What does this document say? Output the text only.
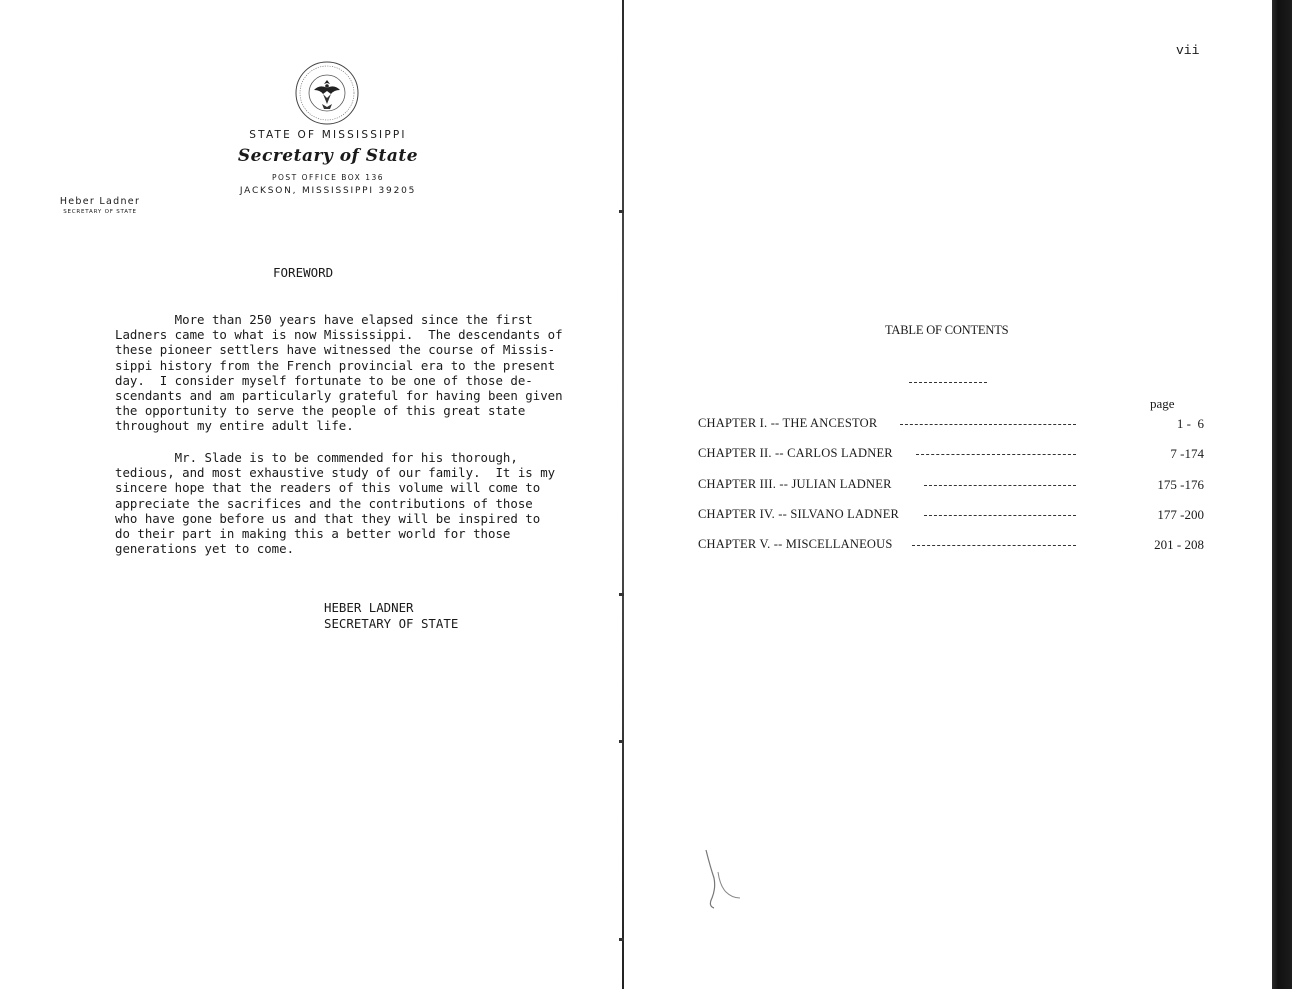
STATE OF MISSISSIPPI
Secretary of State
POST OFFICE BOX 136
JACKSON, MISSISSIPPI 39205
Heber Ladner
SECRETARY OF STATE
FOREWORD

More than 250 years have elapsed since the first
Ladners came to what is now Mississippi.  The descendants of
these pioneer settlers have witnessed the course of Missis-
sippi history from the French provincial era to the present
day.  I consider myself fortunate to be one of those de-
scendants and am particularly grateful for having been given
the opportunity to serve the people of this great state
throughout my entire adult life.

Mr. Slade is to be commended for his thorough,
tedious, and most exhaustive study of our family.  It is my
sincere hope that the readers of this volume will come to
appreciate the sacrifices and the contributions of those
who have gone before us and that they will be inspired to
do their part in making this a better world for those
generations yet to come.

HEBER LADNER
SECRETARY OF STATE
vii
TABLE OF CONTENTS
page
CHAPTER I. -- THE ANCESTOR	1 -  6
CHAPTER II. -- CARLOS LADNER	7 -174
CHAPTER III. -- JULIAN LADNER	175 -176
CHAPTER IV. -- SILVANO LADNER	177 -200
CHAPTER V. -- MISCELLANEOUS	201 - 208
